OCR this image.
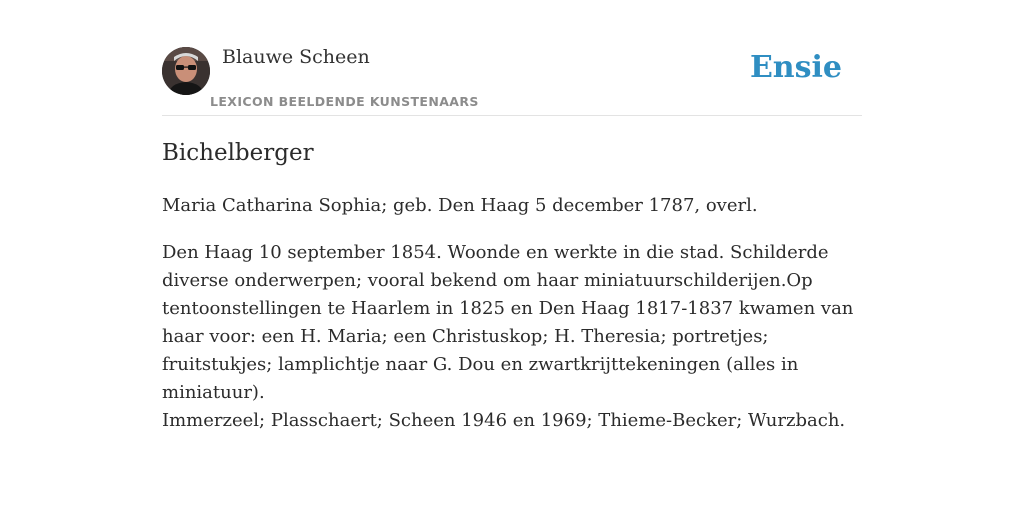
Blauwe Scheen
LEXICON BEELDENDE KUNSTENAARS
Ensie
Bichelberger

Maria Catharina Sophia; geb. Den Haag 5 december 1787, overl.

Den Haag 10 september 1854. Woonde en werkte in die stad. Schilderde diverse onderwerpen; vooral bekend om haar miniatuurschilderijen.Op tentoonstellingen te Haarlem in 1825 en Den Haag 1817-1837 kwamen van haar voor: een H. Maria; een Christuskop; H. Theresia; portretjes; fruitstukjes; lamplichtje naar G. Dou en zwartkrijttekeningen (alles in miniatuur).

Immerzeel; Plasschaert; Scheen 1946 en 1969; Thieme-Becker; Wurzbach.
